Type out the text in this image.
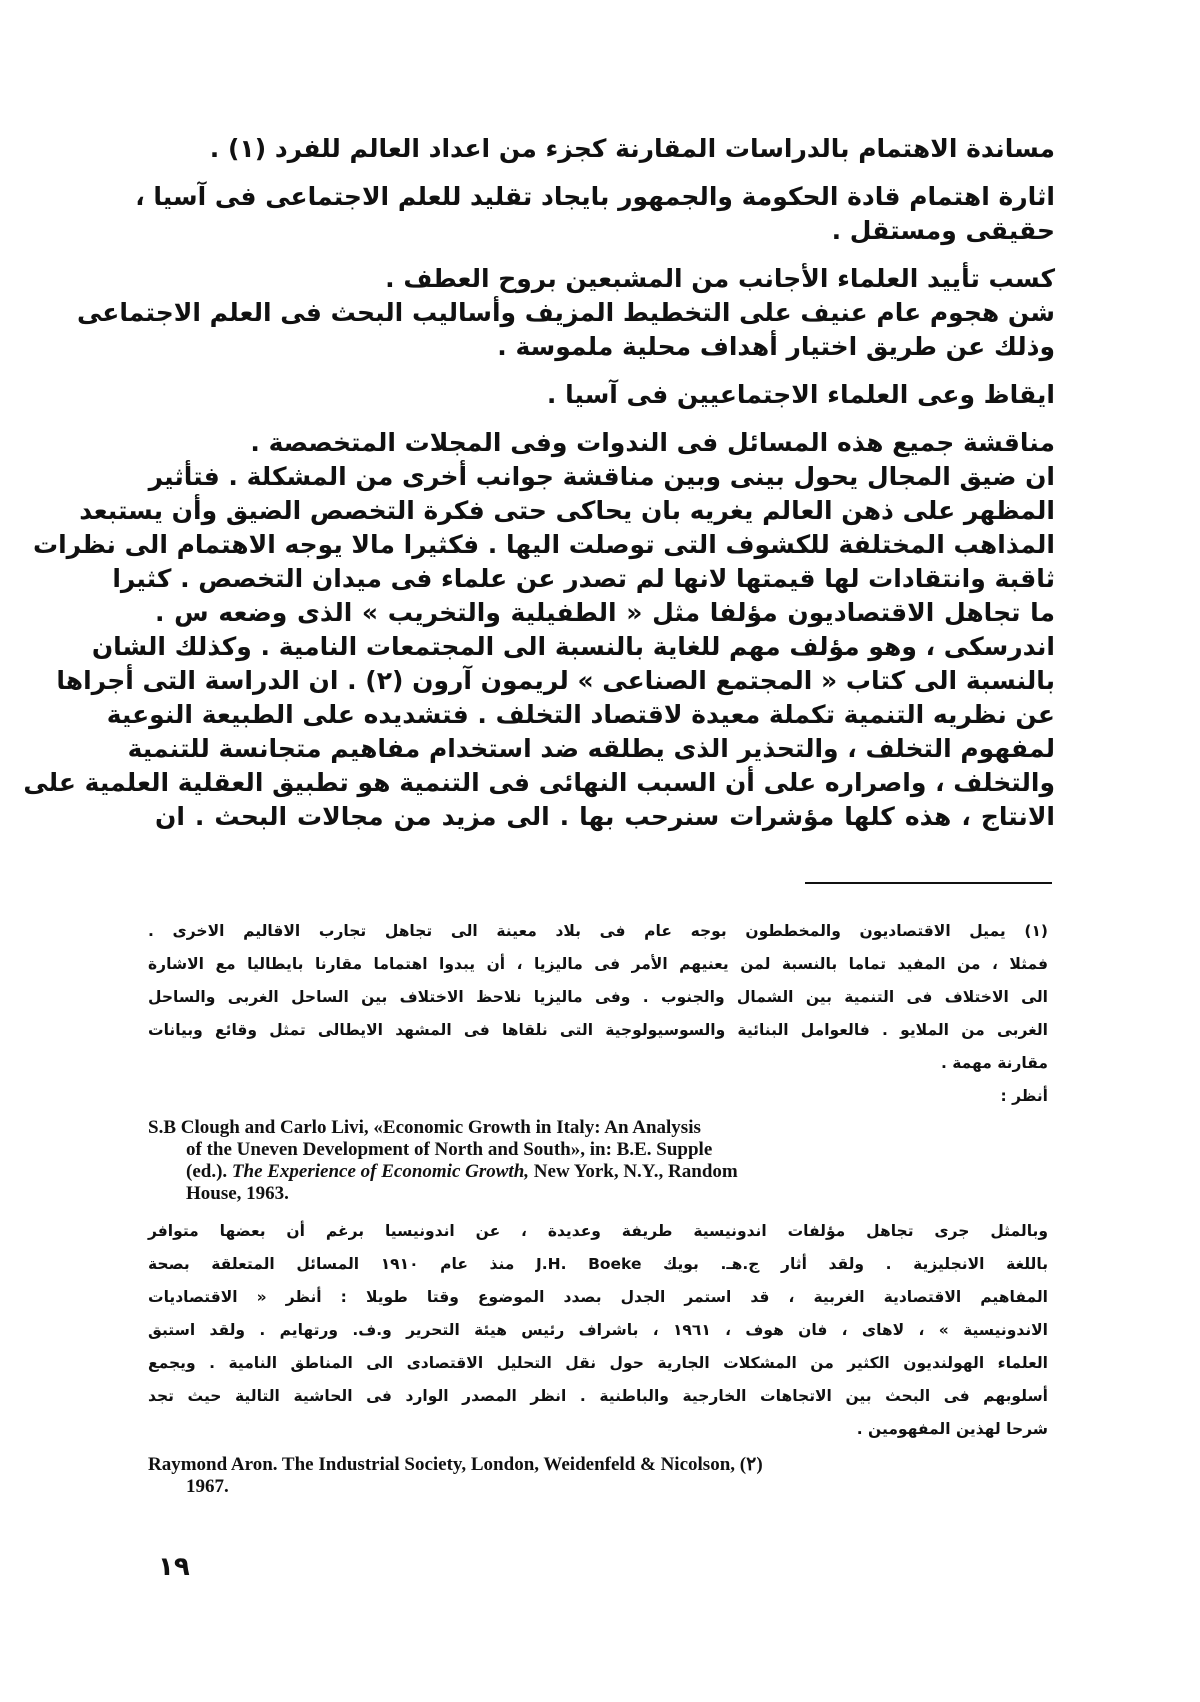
مساندة الاهتمام بالدراسات المقارنة كجزء من اعداد العالم للفرد (١) .

اثارة اهتمام قادة الحكومة والجمهور بايجاد تقليد للعلم الاجتماعى فى آسيا ،

حقيقى ومستقل .

كسب تأييد العلماء الأجانب من المشبعين بروح العطف .

شن هجوم عام عنيف على التخطيط المزيف وأساليب البحث فى العلم الاجتماعى

وذلك عن طريق اختيار أهداف محلية ملموسة .

ايقاظ وعى العلماء الاجتماعيين فى آسيا .

مناقشة جميع هذه المسائل فى الندوات وفى المجلات المتخصصة .

ان ضيق المجال يحول بينى وبين مناقشة جوانب أخرى من المشكلة . فتأثير

المظهر على ذهن العالم يغريه بان يحاكى حتى فكرة التخصص الضيق وأن يستبعد

المذاهب المختلفة للكشوف التى توصلت اليها . فكثيرا مالا يوجه الاهتمام الى نظرات

ثاقبة وانتقادات لها قيمتها لانها لم تصدر عن علماء فى ميدان التخصص . كثيرا

ما تجاهل الاقتصاديون مؤلفا مثل « الطفيلية والتخريب » الذى وضعه س .

اندرسكى ، وهو مؤلف مهم للغاية بالنسبة الى المجتمعات النامية . وكذلك الشان

بالنسبة الى كتاب « المجتمع الصناعى » لريمون آرون (٢) . ان الدراسة التى أجراها

عن نظريه التنمية تكملة معيدة لاقتصاد التخلف . فتشديده على الطبيعة النوعية

لمفهوم التخلف ، والتحذير الذى يطلقه ضد استخدام مفاهيم متجانسة للتنمية

والتخلف ، واصراره على أن السبب النهائى فى التنمية هو تطبيق العقلية العلمية على

الانتاج ، هذه كلها مؤشرات سنرحب بها . الى مزيد من مجالات البحث . ان

(١) يميل الاقتصاديون والمخططون بوجه عام فى بلاد معينة الى تجاهل تجارب الاقاليم الاخرى .

فمثلا ، من المفيد تماما بالنسبة لمن يعنيهم الأمر فى ماليزيا ، أن يبدوا اهتماما مقارنا بايطاليا مع الاشارة

الى الاختلاف فى التنمية بين الشمال والجنوب . وفى ماليزيا نلاحظ الاختلاف بين الساحل الغربى والساحل

الغربى من الملايو . فالعوامل البنائية والسوسيولوجية التى نلقاها فى المشهد الايطالى تمثل وقائع وبيانات

مقارنة مهمة .

أنظر :

S.B Clough and Carlo Livi, «Economic Growth in Italy: An Analysis
of the Uneven Development of North and South», in: B.E. Supple
(ed.). The Experience of Economic Growth, New York, N.Y., Random
House, 1963.

وبالمثل جرى تجاهل مؤلفات اندونيسية طريفة وعديدة ، عن اندونيسيا برغم أن بعضها متوافر

باللغة الانجليزية . ولقد أثار ج.هـ. بويك J.H. Boeke منذ عام ١٩١٠ المسائل المتعلقة بصحة

المفاهيم الاقتصادية الغربية ، قد استمر الجدل بصدد الموضوع وقتا طويلا : أنظر « الاقتصاديات

الاندونيسية » ، لاهاى ، فان هوف ، ١٩٦١ ، باشراف رئيس هيئة التحرير و.ف. ورتهايم . ولقد استبق

العلماء الهولنديون الكثير من المشكلات الجارية حول نقل التحليل الاقتصادى الى المناطق النامية . ويجمع

أسلوبهم فى البحث بين الاتجاهات الخارجية والباطنية . انظر المصدر الوارد فى الحاشية التالية حيث تجد

شرحا لهذين المفهومين .

Raymond Aron. The Industrial Society, London, Weidenfeld & Nicolson, (٢)
1967.
١٩
